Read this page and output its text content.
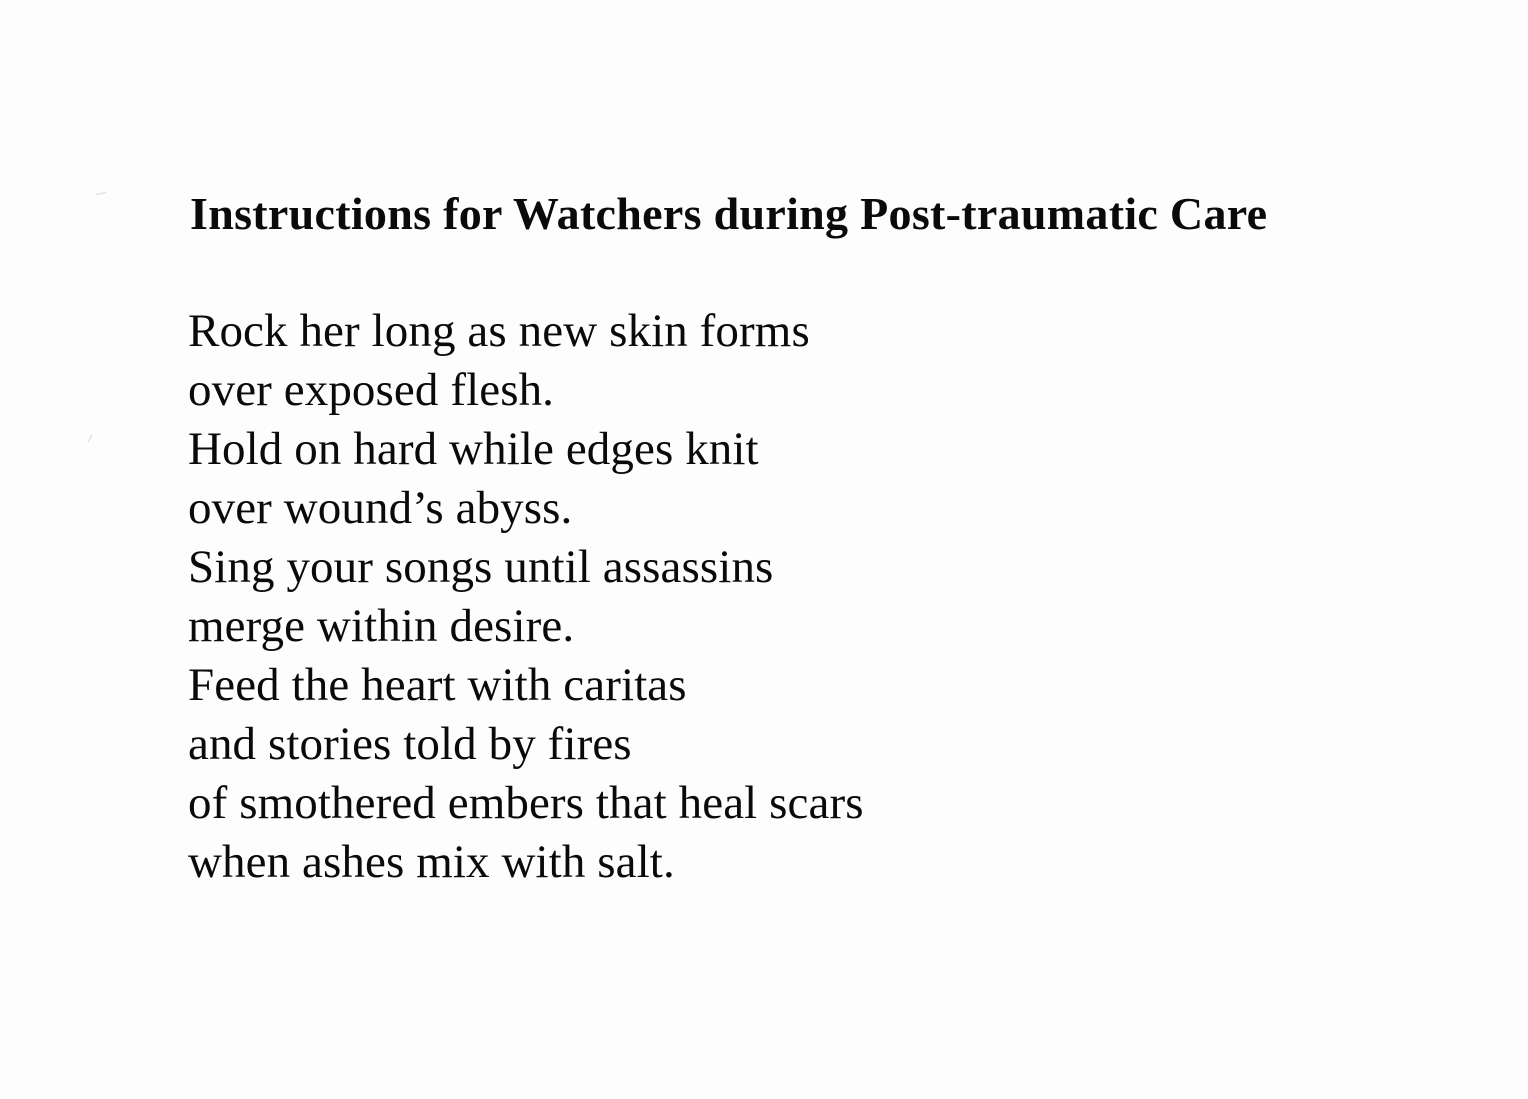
Instructions for Watchers during Post-traumatic Care
Rock her long as new skin forms
over exposed flesh.
Hold on hard while edges knit
over wound’s abyss.
Sing your songs until assassins
merge within desire.
Feed the heart with caritas
and stories told by fires
of smothered embers that heal scars
when ashes mix with salt.
